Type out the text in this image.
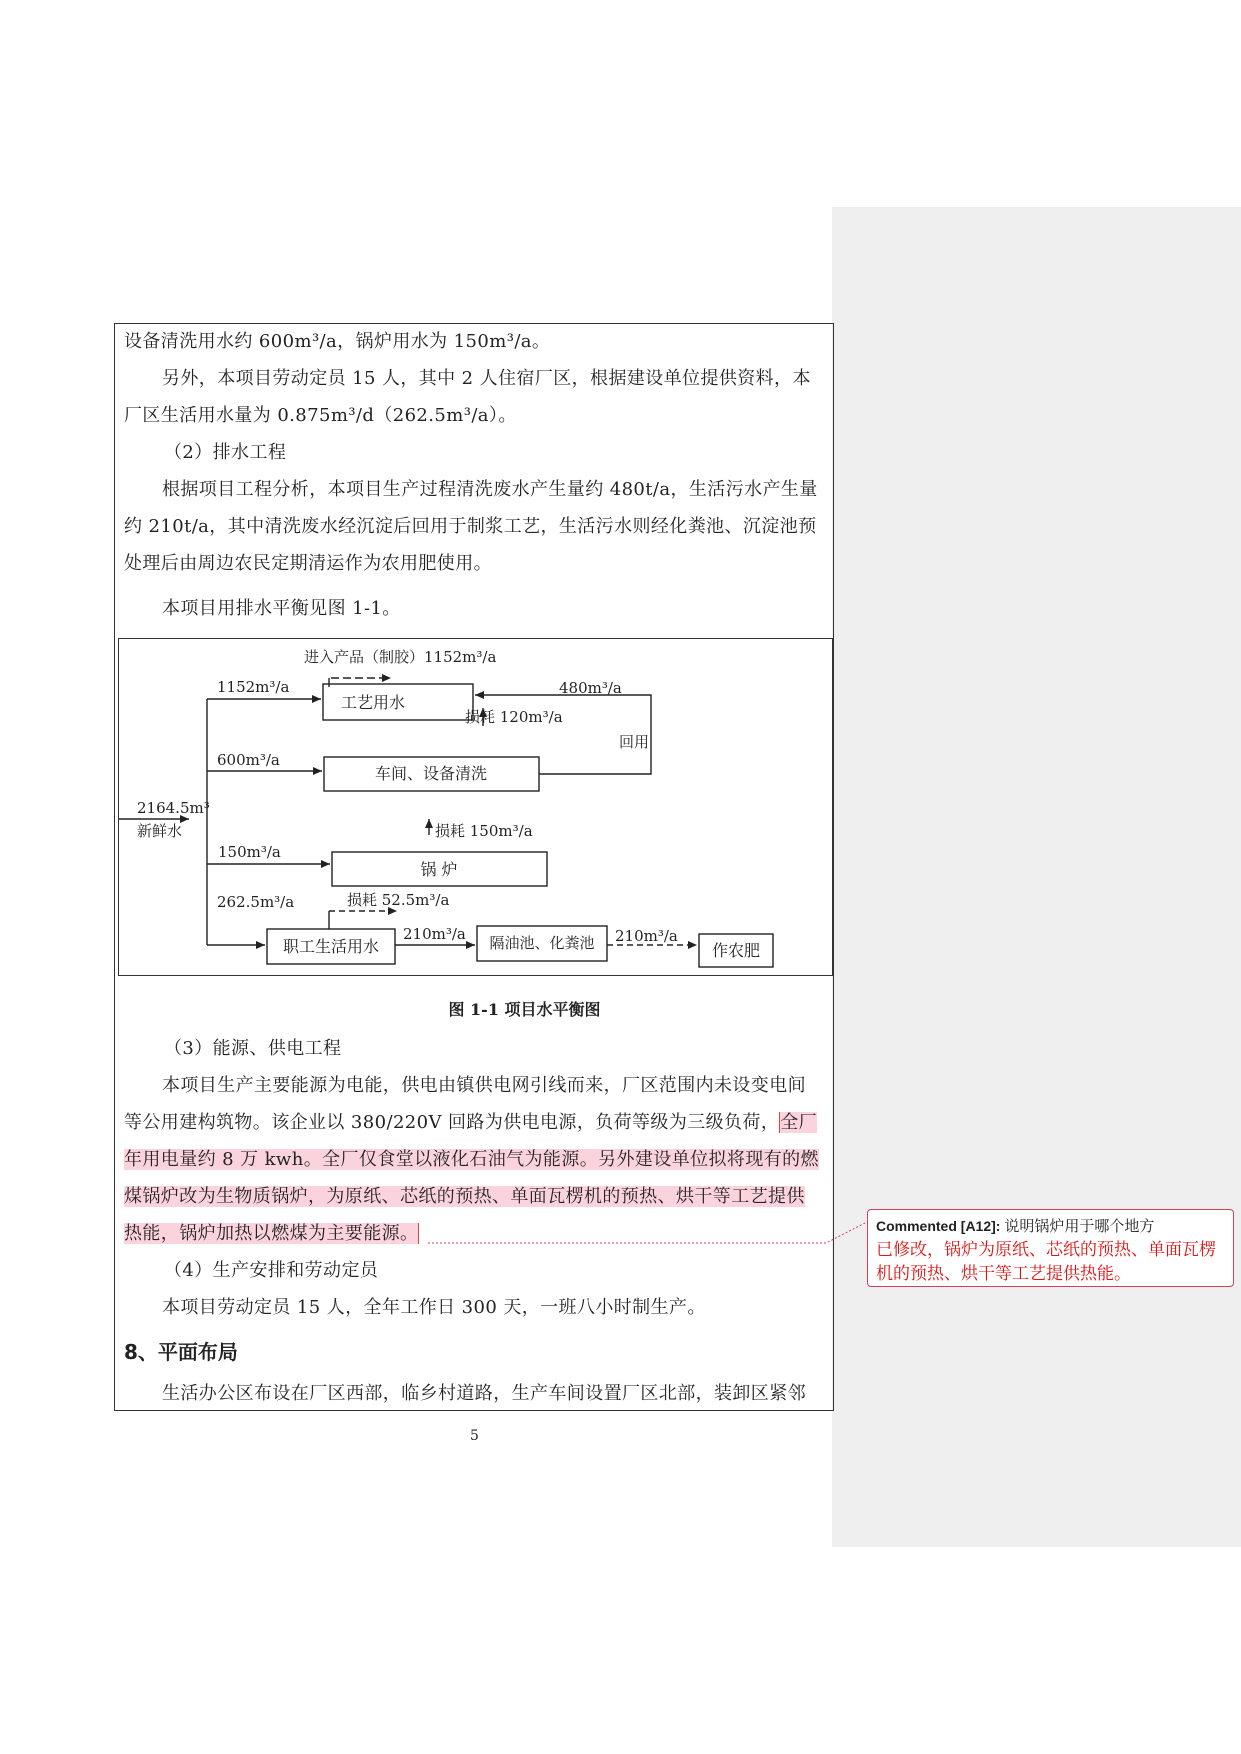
设备清洗用水约 600m³/a，锅炉用水为 150m³/a。
另外，本项目劳动定员 15 人，其中 2 人住宿厂区，根据建设单位提供资料，本
厂区生活用水量为 0.875m³/d（262.5m³/a）。
（2）排水工程
根据项目工程分析，本项目生产过程清洗废水产生量约 480t/a，生活污水产生量
约 210t/a，其中清洗废水经沉淀后回用于制浆工艺，生活污水则经化粪池、沉淀池预
处理后由周边农民定期清运作为农用肥使用。
本项目用排水平衡见图 1-1。
2164.5m³
新鲜水
进入产品（制胶）1152m³/a
1152m³/a
工艺用水
480m³/a
回用
损耗 120m³/a
600m³/a
车间、设备清洗
损耗 150m³/a
150m³/a
锅 炉
262.5m³/a	损耗 52.5m³/a
职工生活用水
210m³/a 隔油池、化粪池 210m³/a
作农肥
图 1-1 项目水平衡图
（3）能源、供电工程
本项目生产主要能源为电能，供电由镇供电网引线而来，厂区范围内未设变电间
等公用建构筑物。该企业以 380/220V 回路为供电电源，负荷等级为三级负荷，全厂
年用电量约 8 万 kwh。全厂仅食堂以液化石油气为能源。另外建设单位拟将现有的燃
煤锅炉改为生物质锅炉，为原纸、芯纸的预热、单面瓦楞机的预热、烘干等工艺提供
热能，锅炉加热以燃煤为主要能源。
（4）生产安排和劳动定员
本项目劳动定员 15 人，全年工作日 300 天，一班八小时制生产。
8、平面布局
生活办公区布设在厂区西部，临乡村道路，生产车间设置厂区北部，装卸区紧邻
5
Commented [A12]: 说明锅炉用于哪个地方
已修改，锅炉为原纸、芯纸的预热、单面瓦楞机的预热、烘干等工艺提供热能。
